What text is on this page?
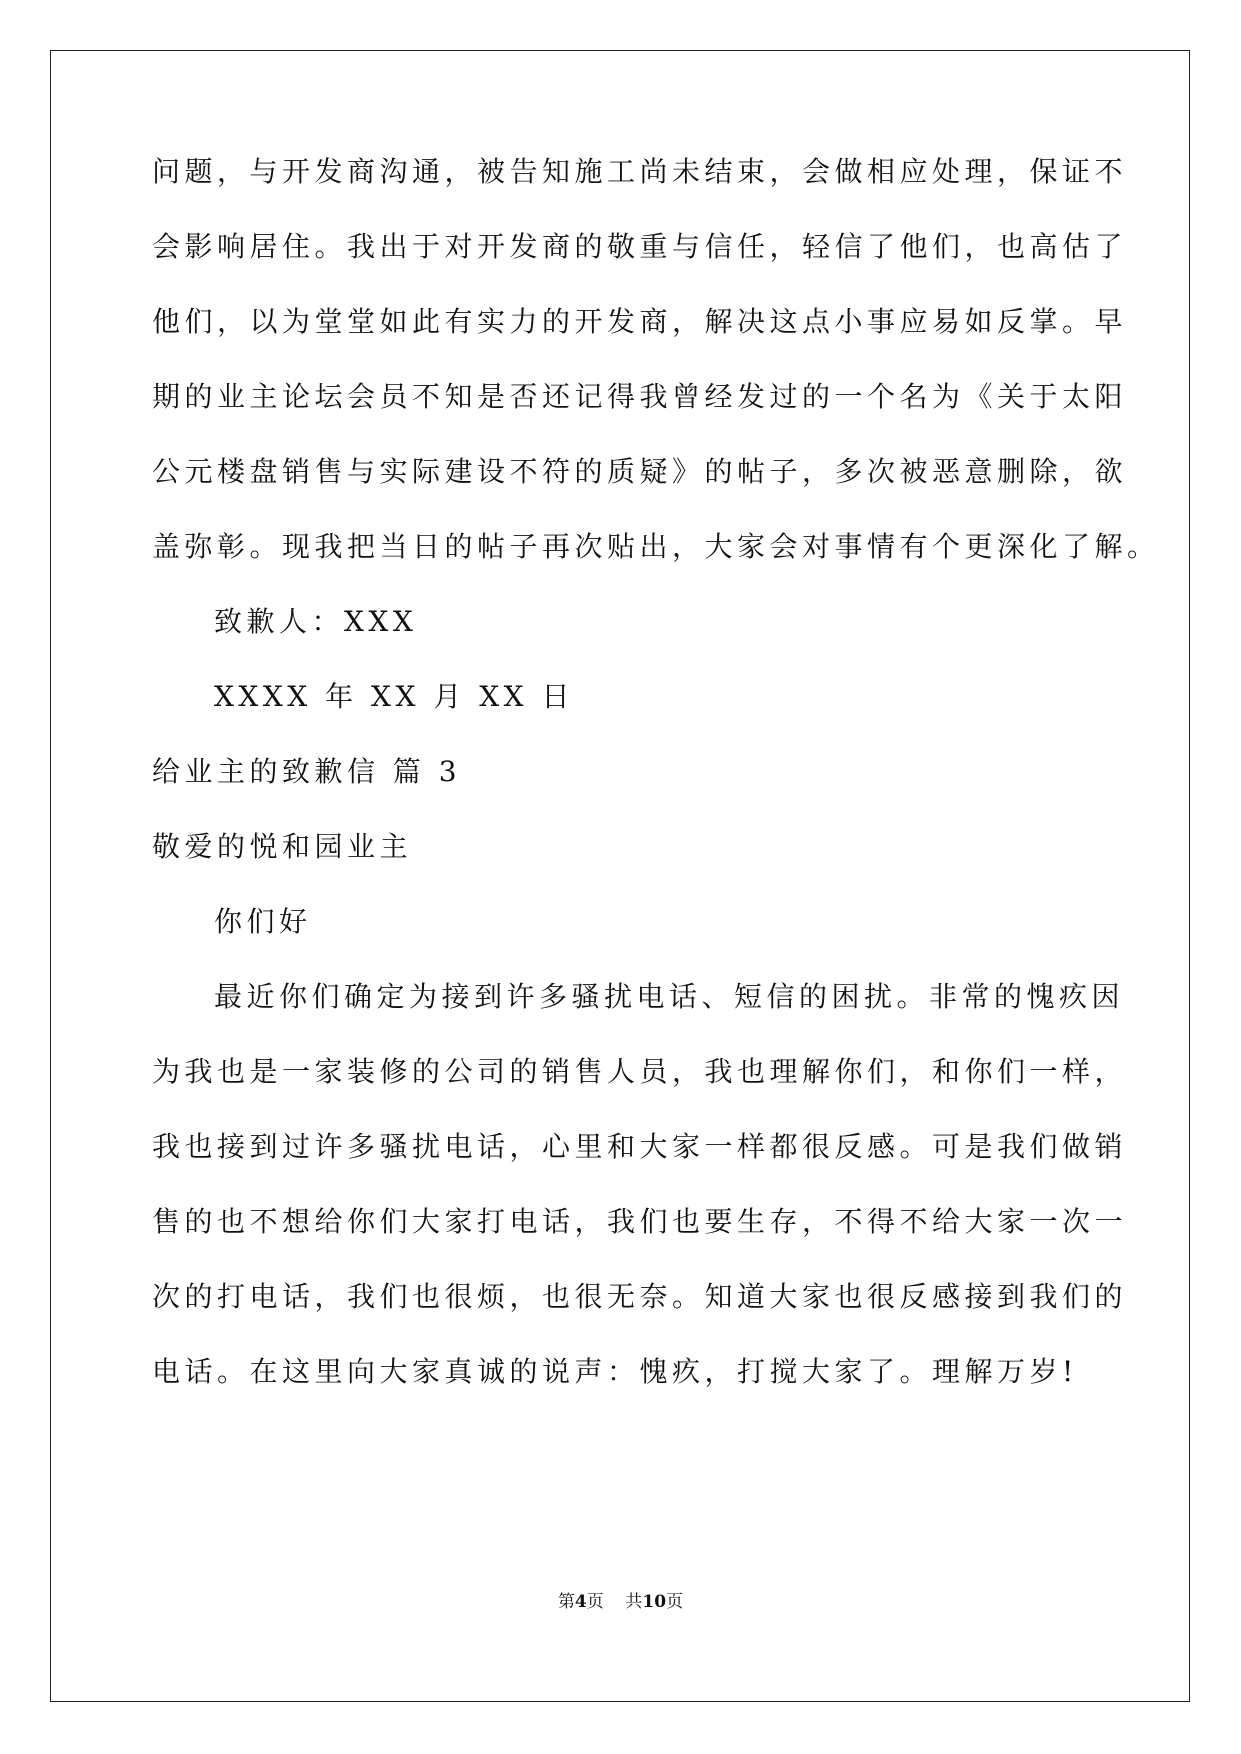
问题，与开发商沟通，被告知施工尚未结束，会做相应处理，保证不
会影响居住。我出于对开发商的敬重与信任，轻信了他们，也高估了
他们，以为堂堂如此有实力的开发商，解决这点小事应易如反掌。早
期的业主论坛会员不知是否还记得我曾经发过的一个名为《关于太阳
公元楼盘销售与实际建设不符的质疑》的帖子，多次被恶意删除，欲
盖弥彰。现我把当日的帖子再次贴出，大家会对事情有个更深化了解。
致歉人：XXX
XXXX 年 XX 月 XX 日
给业主的致歉信 篇 3
敬爱的悦和园业主
你们好
最近你们确定为接到许多骚扰电话、短信的困扰。非常的愧疚因
为我也是一家装修的公司的销售人员，我也理解你们，和你们一样，
我也接到过许多骚扰电话，心里和大家一样都很反感。可是我们做销
售的也不想给你们大家打电话，我们也要生存，不得不给大家一次一
次的打电话，我们也很烦，也很无奈。知道大家也很反感接到我们的
电话。在这里向大家真诚的说声：愧疚，打搅大家了。理解万岁!
第4页 共10页
